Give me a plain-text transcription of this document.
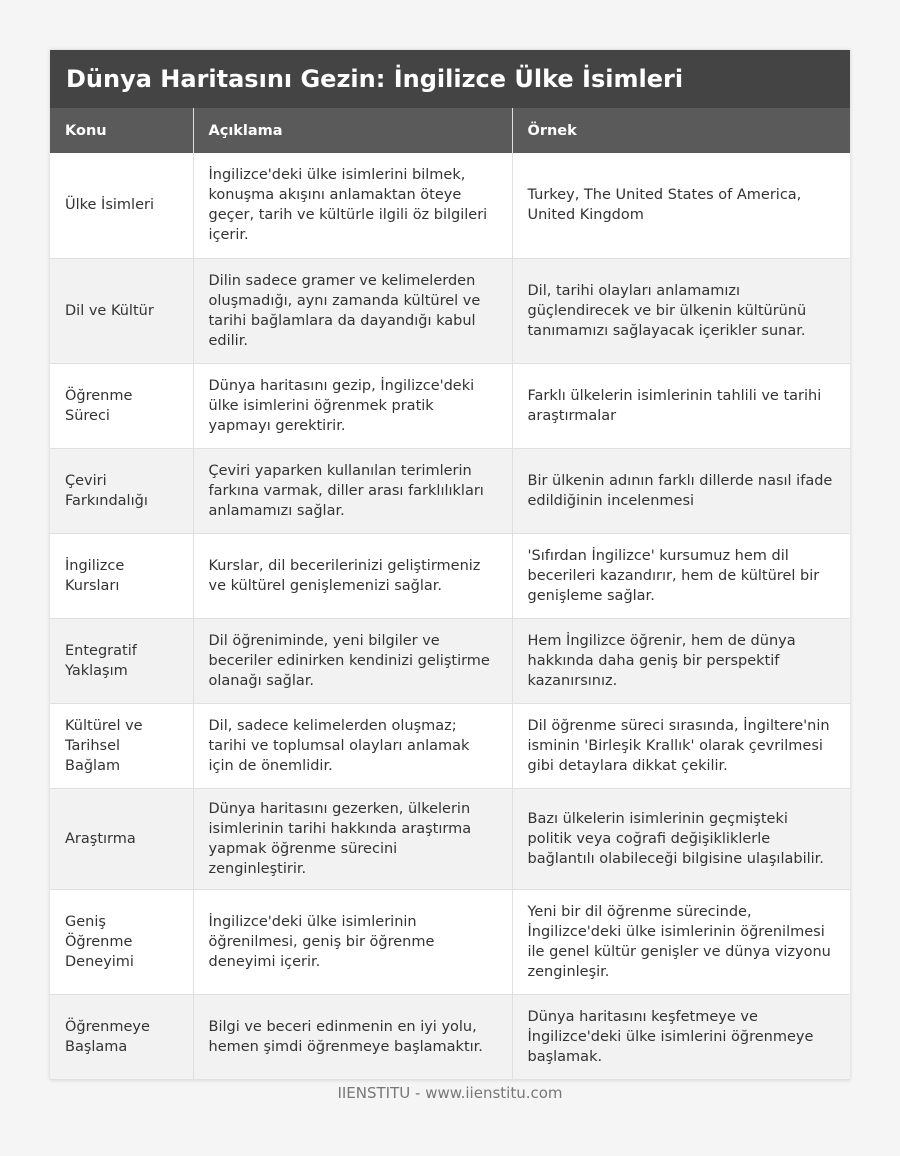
Dünya Haritasını Gezin: İngilizce Ülke İsimleri
Konu	Açıklama	Örnek
Ülke İsimleri	İngilizce'deki ülke isimlerini bilmek, konuşma akışını anlamaktan öteye geçer, tarih ve kültürle ilgili öz bilgileri içerir.	Turkey, The United States of America, United Kingdom
Dil ve Kültür	Dilin sadece gramer ve kelimelerden oluşmadığı, aynı zamanda kültürel ve tarihi bağlamlara da dayandığı kabul edilir.	Dil, tarihi olayları anlamamızı güçlendirecek ve bir ülkenin kültürünü tanımamızı sağlayacak içerikler sunar.
Öğrenme Süreci	Dünya haritasını gezip, İngilizce'deki ülke isimlerini öğrenmek pratik yapmayı gerektirir.	Farklı ülkelerin isimlerinin tahlili ve tarihi araştırmalar
Çeviri Farkındalığı	Çeviri yaparken kullanılan terimlerin farkına varmak, diller arası farklılıkları anlamamızı sağlar.	Bir ülkenin adının farklı dillerde nasıl ifade edildiğinin incelenmesi
İngilizce Kursları	Kurslar, dil becerilerinizi geliştirmeniz ve kültürel genişlemenizi sağlar.	'Sıfırdan İngilizce' kursumuz hem dil becerileri kazandırır, hem de kültürel bir genişleme sağlar.
Entegratif Yaklaşım	Dil öğreniminde, yeni bilgiler ve beceriler edinirken kendinizi geliştirme olanağı sağlar.	Hem İngilizce öğrenir, hem de dünya hakkında daha geniş bir perspektif kazanırsınız.
Kültürel ve Tarihsel Bağlam	Dil, sadece kelimelerden oluşmaz; tarihi ve toplumsal olayları anlamak için de önemlidir.	Dil öğrenme süreci sırasında, İngiltere'nin isminin 'Birleşik Krallık' olarak çevrilmesi gibi detaylara dikkat çekilir.
Araştırma	Dünya haritasını gezerken, ülkelerin isimlerinin tarihi hakkında araştırma yapmak öğrenme sürecini zenginleştirir.	Bazı ülkelerin isimlerinin geçmişteki politik veya coğrafi değişikliklerle bağlantılı olabileceği bilgisine ulaşılabilir.
Geniş Öğrenme Deneyimi	İngilizce'deki ülke isimlerinin öğrenilmesi, geniş bir öğrenme deneyimi içerir.	Yeni bir dil öğrenme sürecinde, İngilizce'deki ülke isimlerinin öğrenilmesi ile genel kültür genişler ve dünya vizyonu zenginleşir.
Öğrenmeye Başlama	Bilgi ve beceri edinmenin en iyi yolu, hemen şimdi öğrenmeye başlamaktır.	Dünya haritasını keşfetmeye ve İngilizce'deki ülke isimlerini öğrenmeye başlamak.
IIENSTITU - www.iienstitu.com
